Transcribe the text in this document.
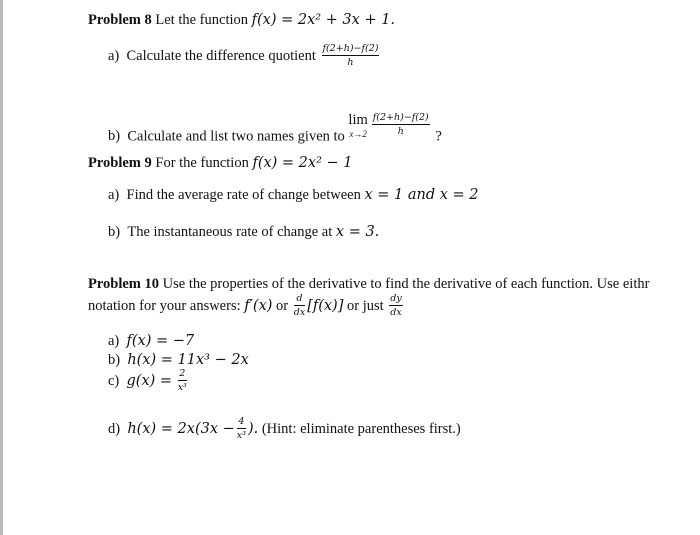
Problem 8 Let the function f(x) = 2x² + 3x + 1.
a) Calculate the difference quotient $\frac{f(2+h)-f(2)}{h}$
b) Calculate and list two names given to
lim
$x\to 2 \frac{f(2+h)-f(2)}{h}$ ?
Problem 9 For the function f(x) = 2x² − 1
a) Find the average rate of change between x = 1 and x = 2
b) The instantaneous rate of change at x = 3.
Problem 10 Use the properties of the derivative to find the derivative of each function. Use eithr
notation for your answers: f′(x) or $\frac{d}{dx} [f(x)]$ or just $\frac{dy}{dx}$
a) f(x) = −7
b) h(x) = 11x³ − 2x
c) $g(x) = \frac{2}{\text{x³}}$
d) $h(x) = 2x(3x - \frac{4}{\text{x³}}$ ). (Hint: eliminate parentheses first.)
